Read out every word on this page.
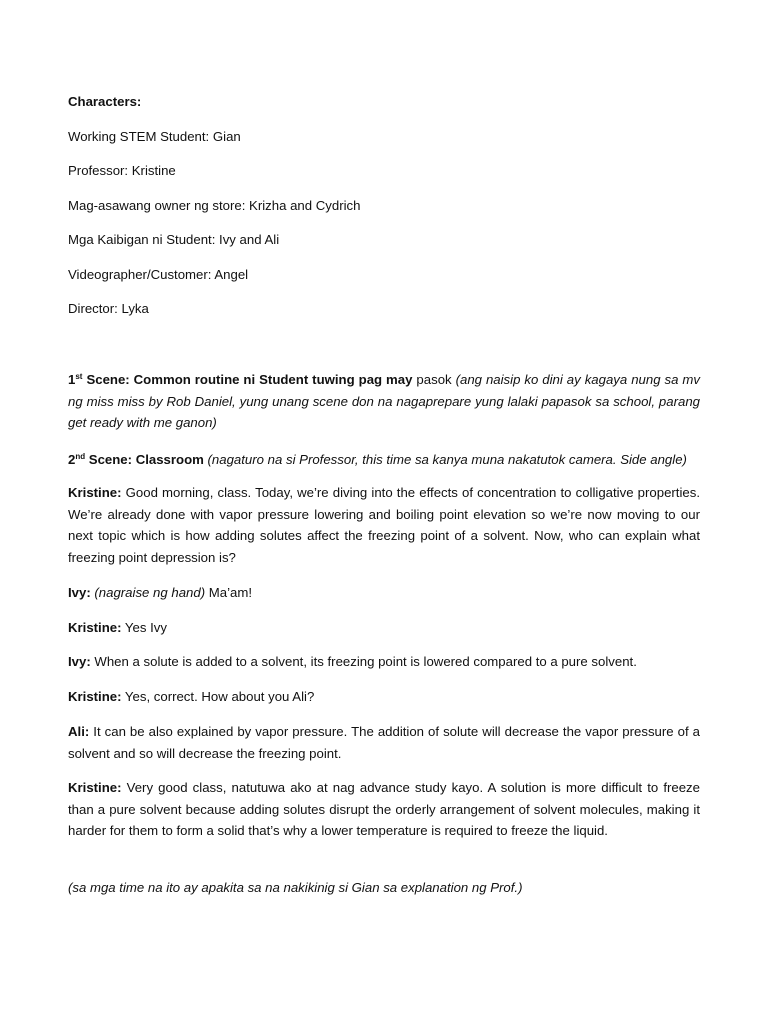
Characters:
Working STEM Student: Gian
Professor: Kristine
Mag-asawang owner ng store: Krizha and Cydrich
Mga Kaibigan ni Student: Ivy and Ali
Videographer/Customer: Angel
Director: Lyka
1st Scene: Common routine ni Student tuwing pag may pasok (ang naisip ko dini ay kagaya nung sa mv ng miss miss by Rob Daniel, yung unang scene don na nagaprepare yung lalaki papasok sa school, parang get ready with me ganon)
2nd Scene: Classroom (nagaturo na si Professor, this time sa kanya muna nakatutok camera. Side angle)
Kristine: Good morning, class. Today, we’re diving into the effects of concentration to colligative properties. We’re already done with vapor pressure lowering and boiling point elevation so we’re now moving to our next topic which is how adding solutes affect the freezing point of a solvent. Now, who can explain what freezing point depression is?
Ivy: (nagraise ng hand) Ma’am!
Kristine: Yes Ivy
Ivy: When a solute is added to a solvent, its freezing point is lowered compared to a pure solvent.
Kristine: Yes, correct. How about you Ali?
Ali: It can be also explained by vapor pressure. The addition of solute will decrease the vapor pressure of a solvent and so will decrease the freezing point.
Kristine: Very good class, natutuwa ako at nag advance study kayo. A solution is more difficult to freeze than a pure solvent because adding solutes disrupt the orderly arrangement of solvent molecules, making it harder for them to form a solid that’s why a lower temperature is required to freeze the liquid.
(sa mga time na ito ay apakita sa na nakikinig si Gian sa explanation ng Prof.)
